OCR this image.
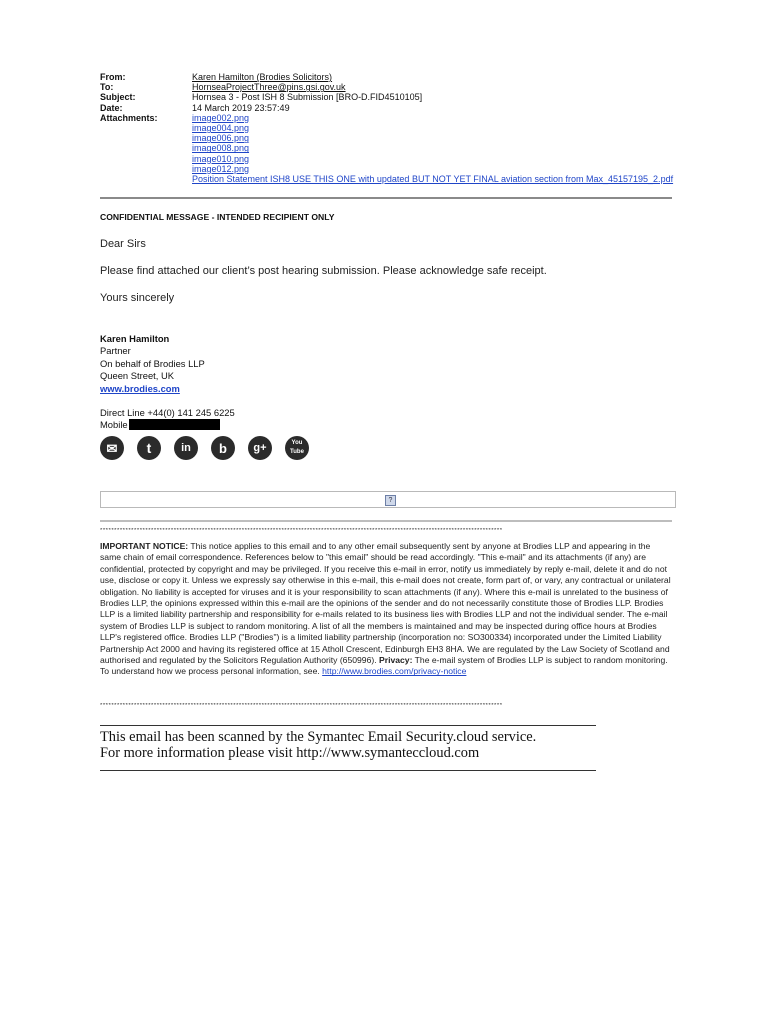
From:	Karen Hamilton (Brodies Solicitors)
To:	HornseaProjectThree@pins.gsi.gov.uk
Subject:	Hornsea 3 - Post ISH 8 Submission [BRO-D.FID4510105]
Date:	14 March 2019 23:57:49
Attachments:	image002.png
image004.png
image006.png
image008.png
image010.png
image012.png
Position Statement ISH8 USE THIS ONE with updated BUT NOT YET FINAL aviation section from Max_45157195_2.pdf
CONFIDENTIAL MESSAGE - INTENDED RECIPIENT ONLY
Dear Sirs
Please find attached our client’s post hearing submission. Please acknowledge safe receipt.
Yours sincerely
Karen Hamilton
Partner
On behalf of Brodies LLP
Queen Street, UK
www.brodies.com
Direct Line +44(0) 141 245 6225
Mobile
✉ t	in b g+	You Tube
?
**********************************************************************************************************************************************
IMPORTANT NOTICE: This notice applies to this email and to any other email subsequently sent by anyone at Brodies LLP and appearing in the same chain of email correspondence. References below to "this email" should be read accordingly. "This e-mail" and its attachments (if any) are confidential, protected by copyright and may be privileged. If you receive this e-mail in error, notify us immediately by reply e-mail, delete it and do not use, disclose or copy it. Unless we expressly say otherwise in this e-mail, this e-mail does not create, form part of, or vary, any contractual or unilateral obligation. No liability is accepted for viruses and it is your responsibility to scan attachments (if any). Where this e-mail is unrelated to the business of Brodies LLP, the opinions expressed within this e-mail are the opinions of the sender and do not necessarily constitute those of Brodies LLP. Brodies LLP is a limited liability partnership and responsibility for e-mails related to its business lies with Brodies LLP and not the individual sender. The e-mail system of Brodies LLP is subject to random monitoring. A list of all the members is maintained and may be inspected during office hours at Brodies LLP's registered office. Brodies LLP ("Brodies") is a limited liability partnership (incorporation no: SO300334) incorporated under the Limited Liability Partnership Act 2000 and having its registered office at 15 Atholl Crescent, Edinburgh EH3 8HA. We are regulated by the Law Society of Scotland and authorised and regulated by the Solicitors Regulation Authority (650996). Privacy: The e-mail system of Brodies LLP is subject to random monitoring. To understand how we process personal information, see. http://www.brodies.com/privacy-notice
**********************************************************************************************************************************************
This email has been scanned by the Symantec Email Security.cloud service.
For more information please visit http://www.symanteccloud.com
